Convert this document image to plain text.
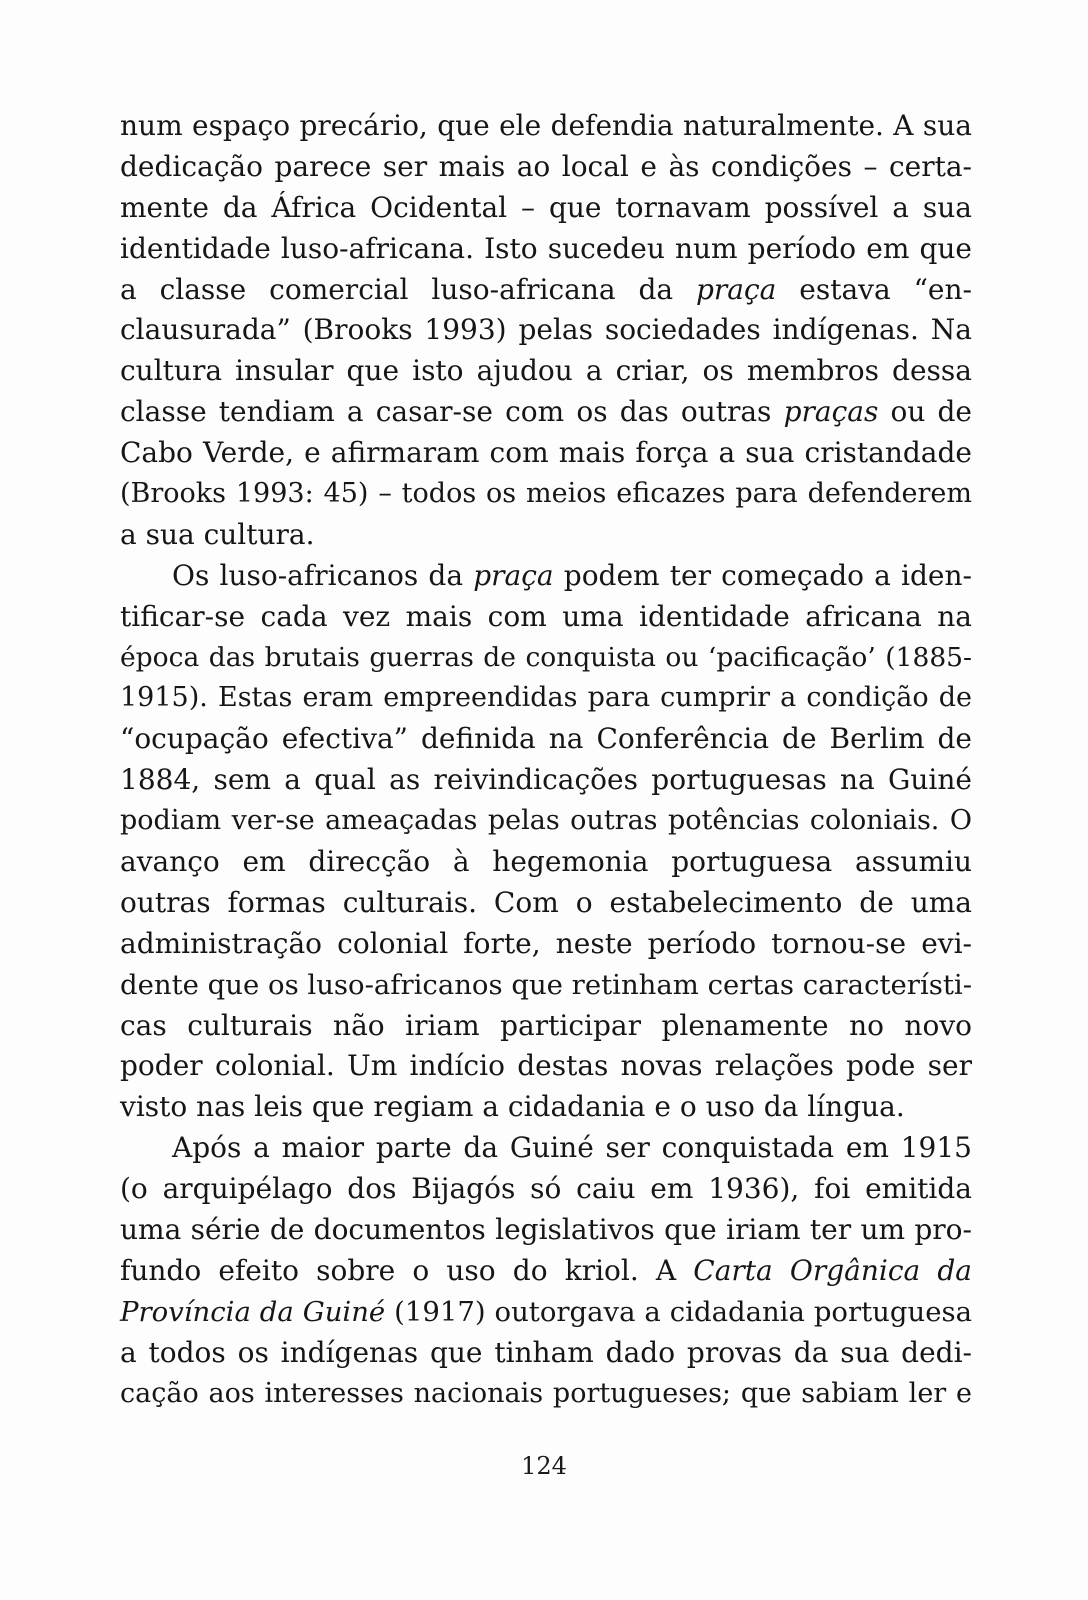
num espaço precário, que ele defendia naturalmente. A sua
dedicação parece ser mais ao local e às condições – certa-
mente da África Ocidental – que tornavam possível a sua
identidade luso-africana. Isto sucedeu num período em que
a classe comercial luso-africana da praça estava “en-
clausurada” (Brooks 1993) pelas sociedades indígenas. Na
cultura insular que isto ajudou a criar, os membros dessa
classe tendiam a casar-se com os das outras praças ou de
Cabo Verde, e afirmaram com mais força a sua cristandade
(Brooks 1993: 45) – todos os meios eficazes para defenderem
a sua cultura.
Os luso-africanos da praça podem ter começado a iden-
tificar-se cada vez mais com uma identidade africana na
época das brutais guerras de conquista ou ‘pacificação’ (1885-
1915). Estas eram empreendidas para cumprir a condição de
“ocupação efectiva” definida na Conferência de Berlim de
1884, sem a qual as reivindicações portuguesas na Guiné
podiam ver-se ameaçadas pelas outras potências coloniais. O
avanço em direcção à hegemonia portuguesa assumiu
outras formas culturais. Com o estabelecimento de uma
administração colonial forte, neste período tornou-se evi-
dente que os luso-africanos que retinham certas característi-
cas culturais não iriam participar plenamente no novo
poder colonial. Um indício destas novas relações pode ser
visto nas leis que regiam a cidadania e o uso da língua.
Após a maior parte da Guiné ser conquistada em 1915
(o arquipélago dos Bijagós só caiu em 1936), foi emitida
uma série de documentos legislativos que iriam ter um pro-
fundo efeito sobre o uso do kriol. A Carta Orgânica da
Província da Guiné (1917) outorgava a cidadania portuguesa
a todos os indígenas que tinham dado provas da sua dedi-
cação aos interesses nacionais portugueses; que sabiam ler e
124
